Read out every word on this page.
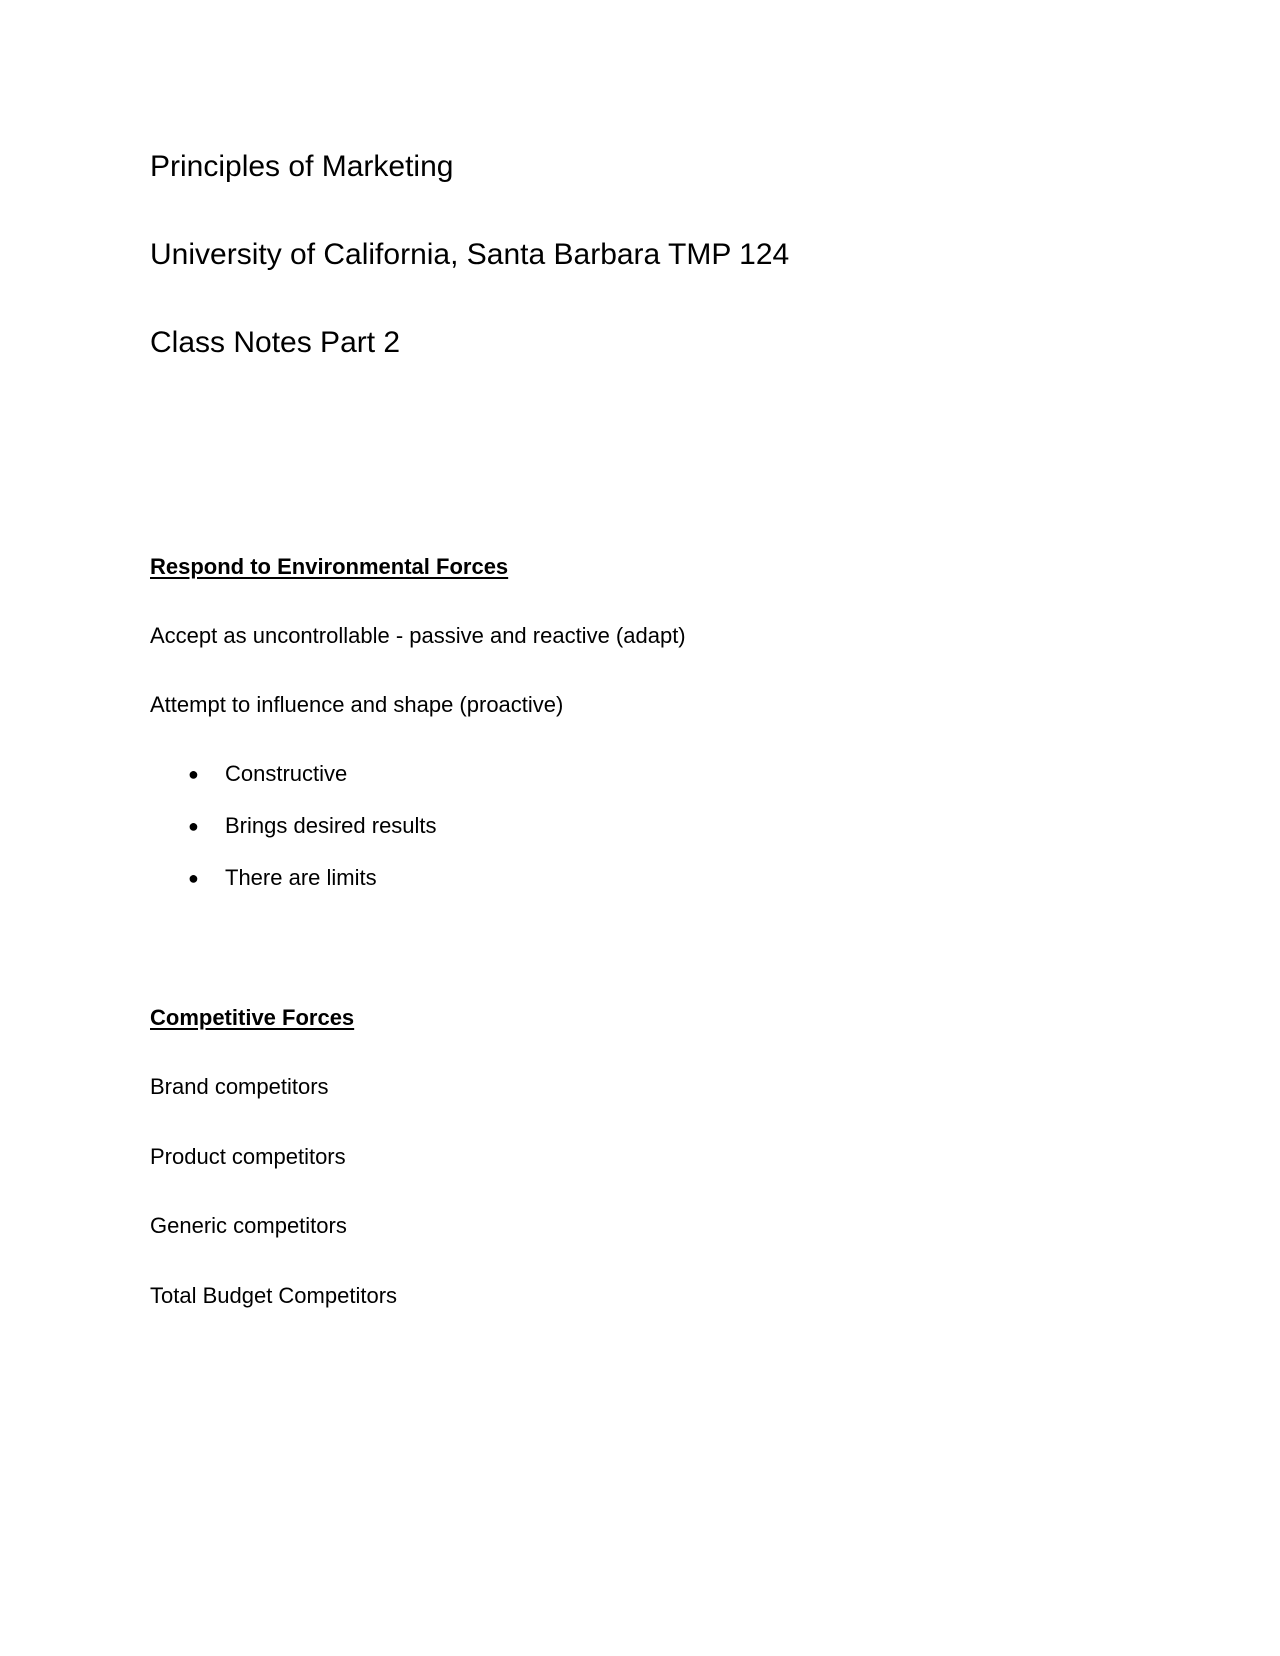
Principles of Marketing
University of California, Santa Barbara TMP 124
Class Notes Part 2
Respond to Environmental Forces
Accept as uncontrollable - passive and reactive (adapt)
Attempt to influence and shape (proactive)
● Constructive
● Brings desired results
● There are limits
Competitive Forces
Brand competitors
Product competitors
Generic competitors
Total Budget Competitors
